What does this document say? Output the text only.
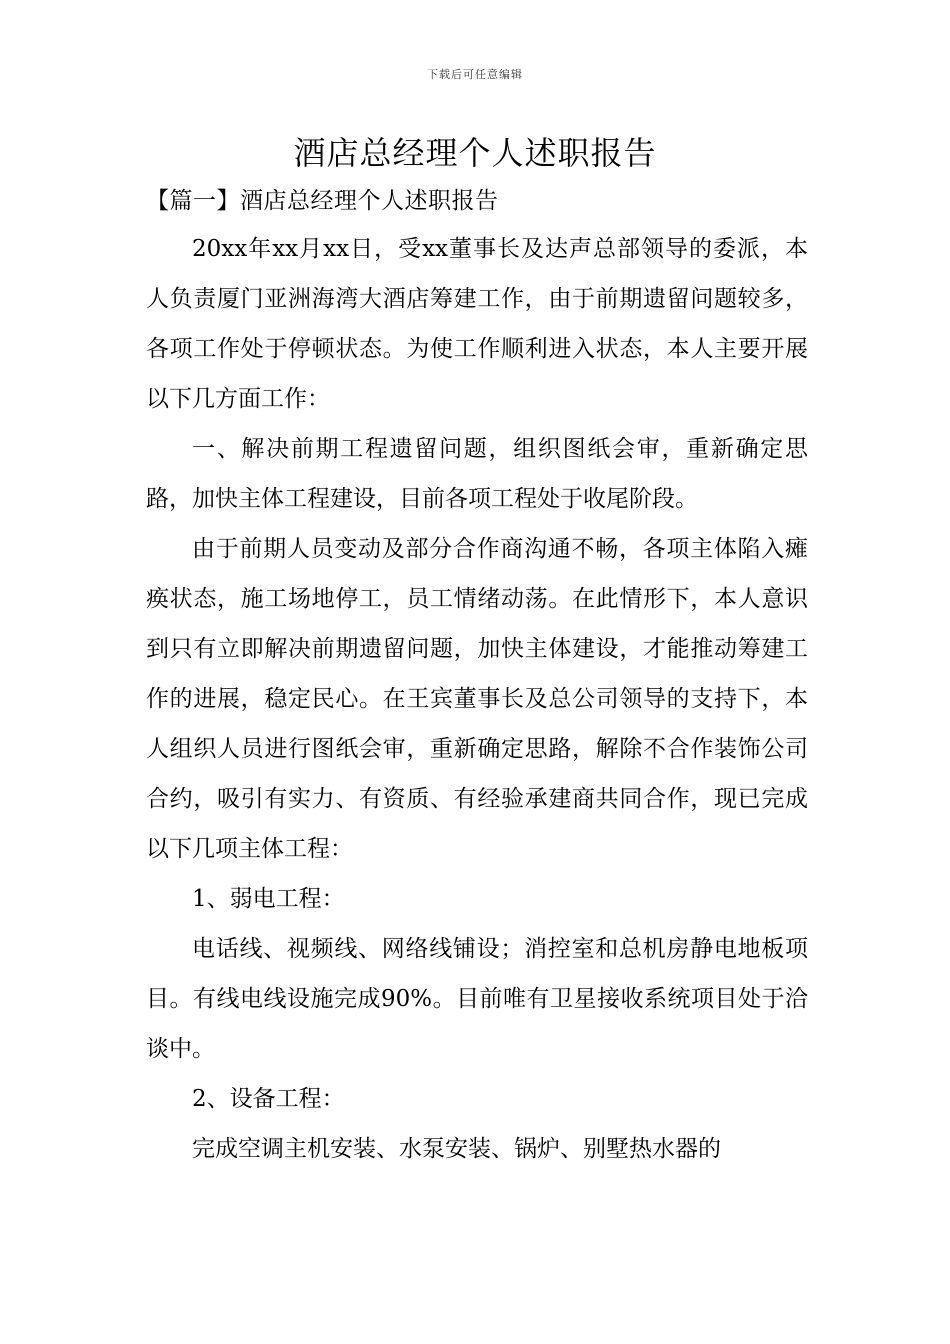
下载后可任意编辑
酒店总经理个人述职报告
【篇一】酒店总经理个人述职报告

20xx年xx月xx日，受xx董事长及达声总部领导的委派，本人负责厦门亚洲海湾大酒店筹建工作，由于前期遗留问题较多，各项工作处于停顿状态。为使工作顺利进入状态，本人主要开展以下几方面工作：

一、解决前期工程遗留问题，组织图纸会审，重新确定思路，加快主体工程建设，目前各项工程处于收尾阶段。

由于前期人员变动及部分合作商沟通不畅，各项主体陷入瘫痪状态，施工场地停工，员工情绪动荡。在此情形下，本人意识到只有立即解决前期遗留问题，加快主体建设，才能推动筹建工作的进展，稳定民心。在王宾董事长及总公司领导的支持下，本人组织人员进行图纸会审，重新确定思路，解除不合作装饰公司合约，吸引有实力、有资质、有经验承建商共同合作，现已完成以下几项主体工程：

1、弱电工程：

电话线、视频线、网络线铺设；消控室和总机房静电地板项目。有线电线设施完成90%。目前唯有卫星接收系统项目处于洽谈中。

2、设备工程：

完成空调主机安装、水泵安装、锅炉、别墅热水器的
